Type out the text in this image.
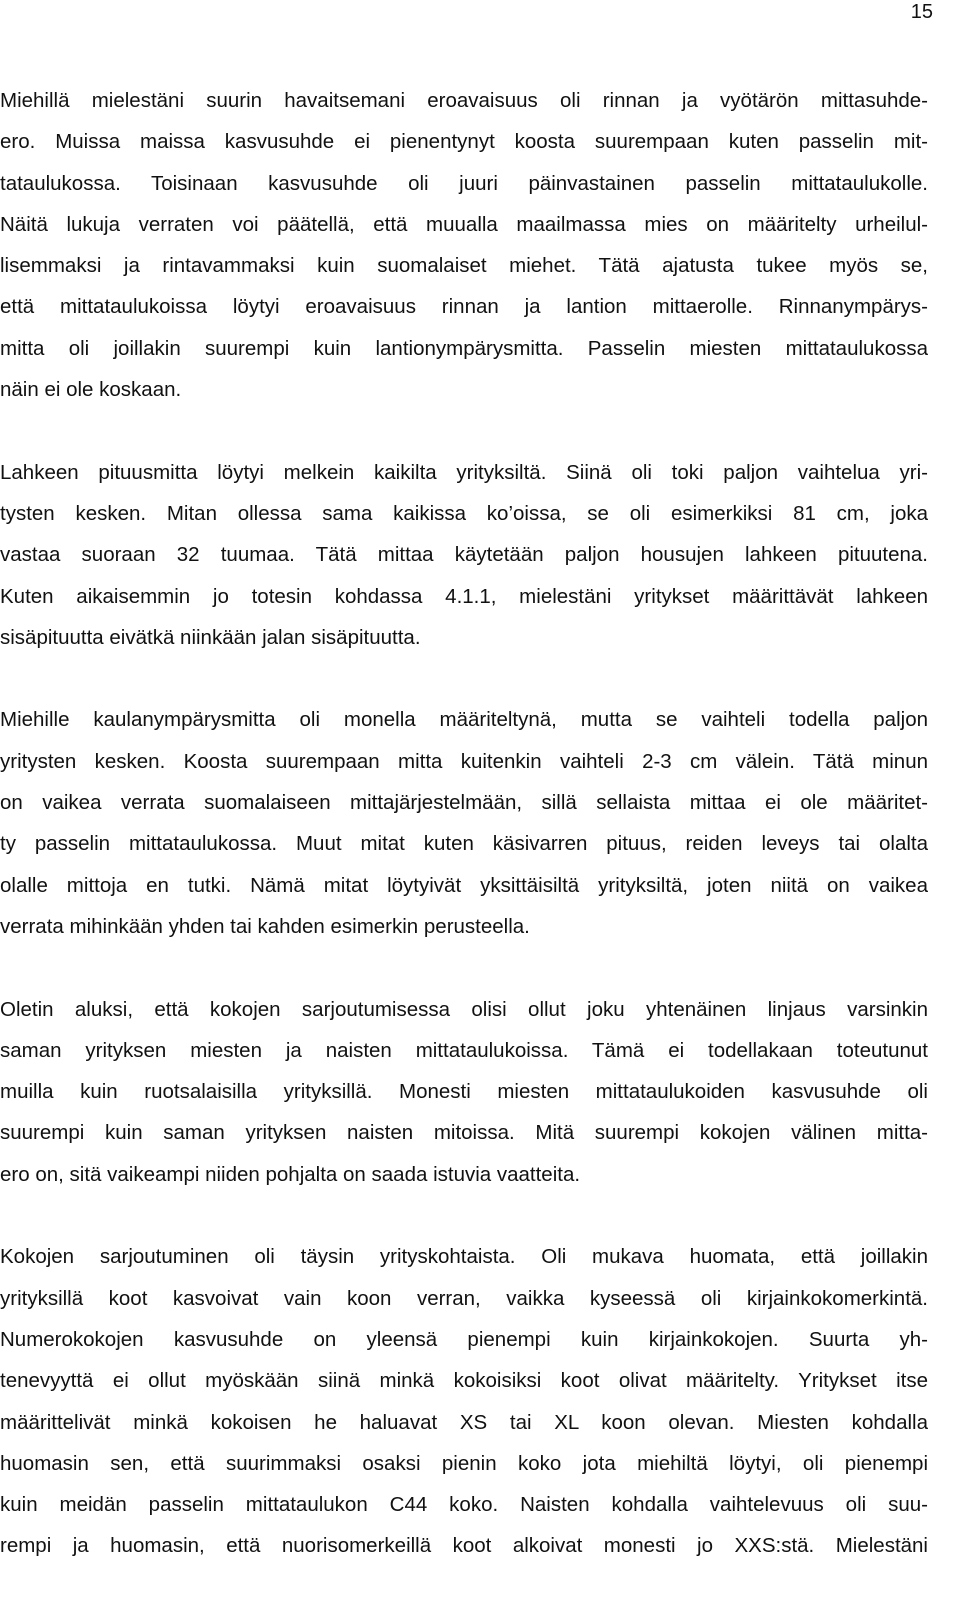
15

Miehillä mielestäni suurin havaitsemani eroavaisuus oli rinnan ja vyötärön mittasuhde-
ero. Muissa maissa kasvusuhde ei pienentynyt koosta suurempaan kuten passelin mit-
tataulukossa. Toisinaan kasvusuhde oli juuri päinvastainen passelin mittataulukolle.
Näitä lukuja verraten voi päätellä, että muualla maailmassa mies on määritelty urheilul-
lisemmaksi ja rintavammaksi kuin suomalaiset miehet. Tätä ajatusta tukee myös se,
että mittataulukoissa löytyi eroavaisuus rinnan ja lantion mittaerolle. Rinnanympärys-
mitta oli joillakin suurempi kuin lantionympärysmitta. Passelin miesten mittataulukossa
näin ei ole koskaan.

Lahkeen pituusmitta löytyi melkein kaikilta yrityksiltä. Siinä oli toki paljon vaihtelua yri-
tysten kesken. Mitan ollessa sama kaikissa ko’oissa, se oli esimerkiksi 81 cm, joka
vastaa suoraan 32 tuumaa. Tätä mittaa käytetään paljon housujen lahkeen pituutena.
Kuten aikaisemmin jo totesin kohdassa 4.1.1, mielestäni yritykset määrittävät lahkeen
sisäpituutta eivätkä niinkään jalan sisäpituutta.

Miehille kaulanympärysmitta oli monella määriteltynä, mutta se vaihteli todella paljon
yritysten kesken. Koosta suurempaan mitta kuitenkin vaihteli 2-3 cm välein. Tätä minun
on vaikea verrata suomalaiseen mittajärjestelmään, sillä sellaista mittaa ei ole määritet-
ty passelin mittataulukossa. Muut mitat kuten käsivarren pituus, reiden leveys tai olalta
olalle mittoja en tutki. Nämä mitat löytyivät yksittäisiltä yrityksiltä, joten niitä on vaikea
verrata mihinkään yhden tai kahden esimerkin perusteella.

Oletin aluksi, että kokojen sarjoutumisessa olisi ollut joku yhtenäinen linjaus varsinkin
saman yrityksen miesten ja naisten mittataulukoissa. Tämä ei todellakaan toteutunut
muilla kuin ruotsalaisilla yrityksillä. Monesti miesten mittataulukoiden kasvusuhde oli
suurempi kuin saman yrityksen naisten mitoissa. Mitä suurempi kokojen välinen mitta-
ero on, sitä vaikeampi niiden pohjalta on saada istuvia vaatteita.

Kokojen sarjoutuminen oli täysin yrityskohtaista. Oli mukava huomata, että joillakin
yrityksillä koot kasvoivat vain koon verran, vaikka kyseessä oli kirjainkokomerkintä.
Numerokokojen kasvusuhde on yleensä pienempi kuin kirjainkokojen. Suurta yh-
tenevyyttä ei ollut myöskään siinä minkä kokoisiksi koot olivat määritelty. Yritykset itse
määrittelivät minkä kokoisen he haluavat XS tai XL koon olevan. Miesten kohdalla
huomasin sen, että suurimmaksi osaksi pienin koko jota miehiltä löytyi, oli pienempi
kuin meidän passelin mittataulukon C44 koko. Naisten kohdalla vaihtelevuus oli suu-
rempi ja huomasin, että nuorisomerkeillä koot alkoivat monesti jo XXS:stä. Mielestäni
